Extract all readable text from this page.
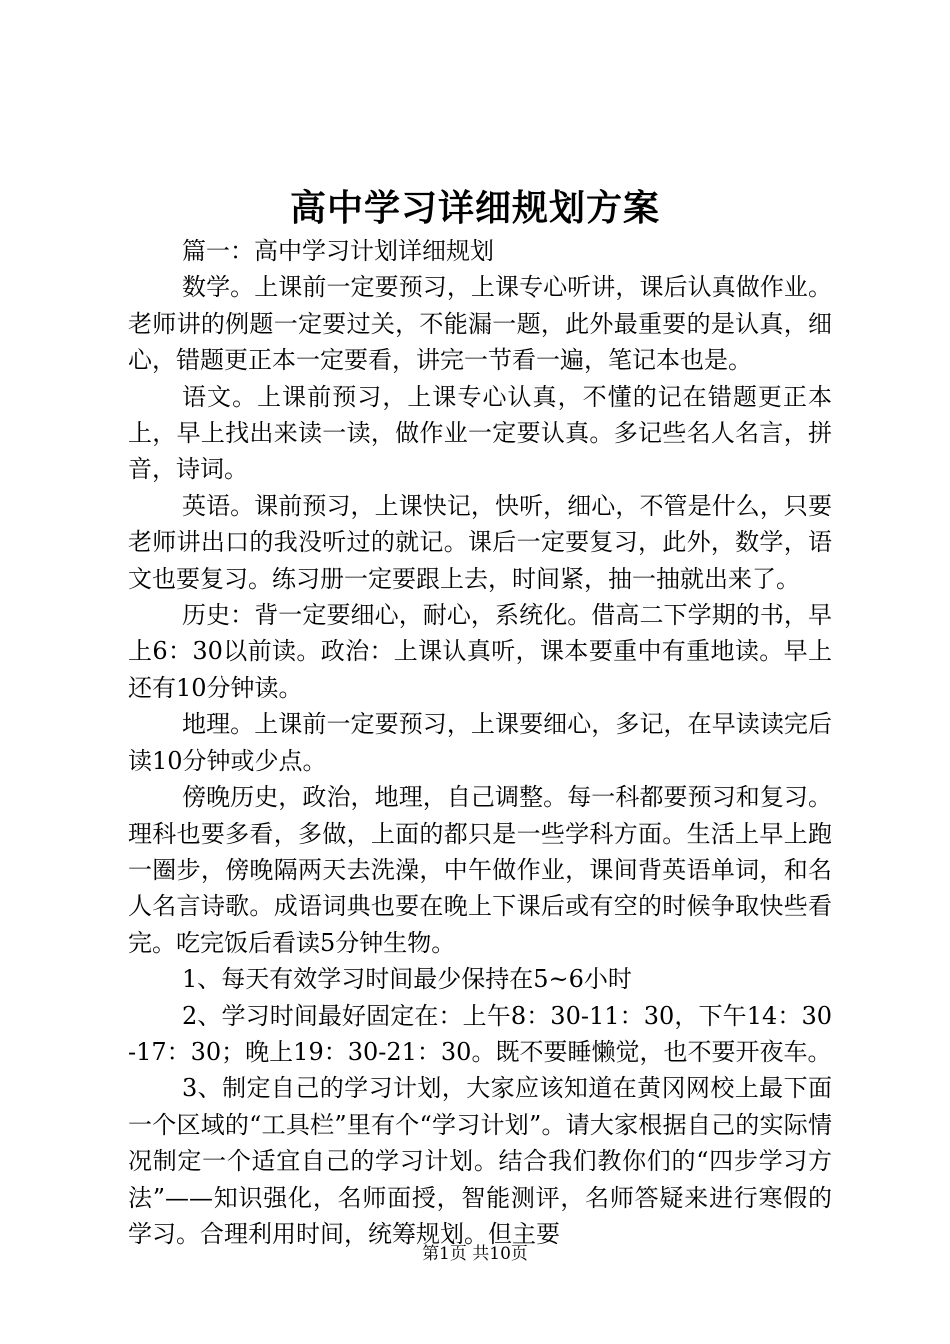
高中学习详细规划方案

篇一：高中学习计划详细规划

数学。上课前一定要预习，上课专心听讲，课后认真做作业。老师讲的例题一定要过关，不能漏一题，此外最重要的是认真，细心，错题更正本一定要看，讲完一节看一遍，笔记本也是。

语文。上课前预习，上课专心认真，不懂的记在错题更正本上，早上找出来读一读，做作业一定要认真。多记些名人名言，拼音，诗词。

英语。课前预习，上课快记，快听，细心，不管是什么，只要老师讲出口的我没听过的就记。课后一定要复习，此外，数学，语文也要复习。练习册一定要跟上去，时间紧，抽一抽就出来了。

历史：背一定要细心，耐心，系统化。借高二下学期的书，早上6：30以前读。政治：上课认真听，课本要重中有重地读。早上还有10分钟读。

地理。上课前一定要预习，上课要细心，多记，在早读读完后读10分钟或少点。

傍晚历史，政治，地理，自己调整。每一科都要预习和复习。理科也要多看，多做，上面的都只是一些学科方面。生活上早上跑一圈步，傍晚隔两天去洗澡，中午做作业，课间背英语单词，和名人名言诗歌。成语词典也要在晚上下课后或有空的时候争取快些看完。吃完饭后看读5分钟生物。

1、每天有效学习时间最少保持在5~6小时

2、学习时间最好固定在：上午8：30-11：30，下午14：30-17：30；晚上19：30-21：30。既不要睡懒觉，也不要开夜车。

3、制定自己的学习计划，大家应该知道在黄冈网校上最下面一个区域的“工具栏”里有个“学习计划”。请大家根据自己的实际情况制定一个适宜自己的学习计划。结合我们教你们的“四步学习方法”——知识强化，名师面授，智能测评，名师答疑来进行寒假的学习。合理利用时间，统筹规划。但主要

第1页 共10页
